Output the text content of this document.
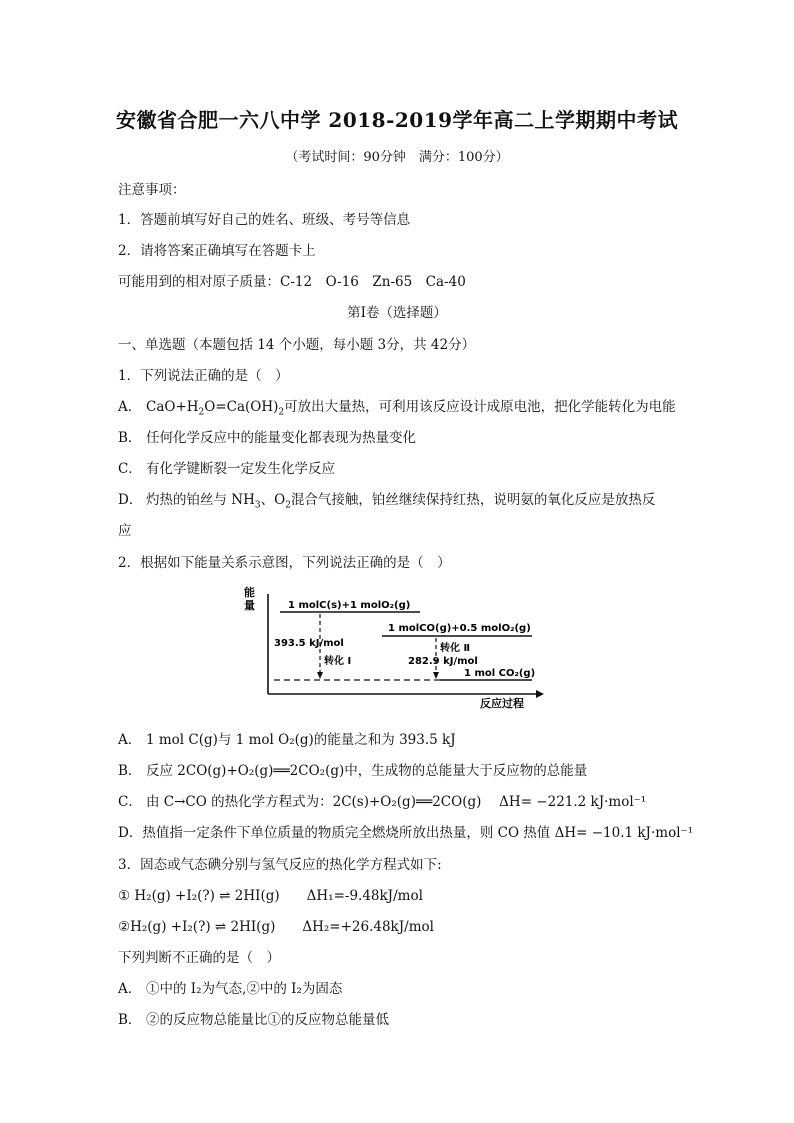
安徽省合肥一六八中学 2018-2019学年高二上学期期中考试
（考试时间：90分钟　满分：100分）
注意事项：
1．答题前填写好自己的姓名、班级、考号等信息
2．请将答案正确填写在答题卡上
可能用到的相对原子质量：C-12　O-16　Zn-65　Ca-40
第Ⅰ卷（选择题）
一、单选题（本题包括 14 个小题，每小题 3分，共 42分）
1．下列说法正确的是（　）
A． $CaO+H_2O=Ca(OH)_2$可放出大量热，可利用该反应设计成原电池，把化学能转化为电能
B． 任何化学反应中的能量变化都表现为热量变化
C． 有化学键断裂一定发生化学反应
D． 灼热的铂丝与 $NH_3$、$O_2$混合气接触，铂丝继续保持红热，说明氨的氧化反应是放热反
应
2．根据如下能量关系示意图，下列说法正确的是（　）
能
量
反应过程
1 molC(s)+1 molO₂(g)
1 molCO(g)+0.5 molO₂(g)
1 mol CO₂(g)
393.5 kJ/mol
转化 Ⅰ
转化 Ⅱ
282.9 kJ/mol
A． 1 mol C(g)与 1 mol O₂(g)的能量之和为 393.5 kJ
B． 反应 2CO(g)+O₂(g)══2CO₂(g)中，生成物的总能量大于反应物的总能量
C． 由 C→CO 的热化学方程式为：2C(s)+O₂(g)══2CO(g)　 ΔH= −221.2 kJ·mol⁻¹
D．热值指一定条件下单位质量的物质完全燃烧所放出热量，则 CO 热值 ΔH= −10.1 kJ·mol⁻¹
3．固态或气态碘分别与氢气反应的热化学方程式如下:
① H₂(g) +I₂(?) ⇌ 2HI(g)　　ΔH₁=-9.48kJ/mol
②H₂(g) +I₂(?) ⇌ 2HI(g)　　ΔH₂=+26.48kJ/mol
下列判断不正确的是（　）
A． ①中的 I₂为气态,②中的 I₂为固态
B． ②的反应物总能量比①的反应物总能量低
